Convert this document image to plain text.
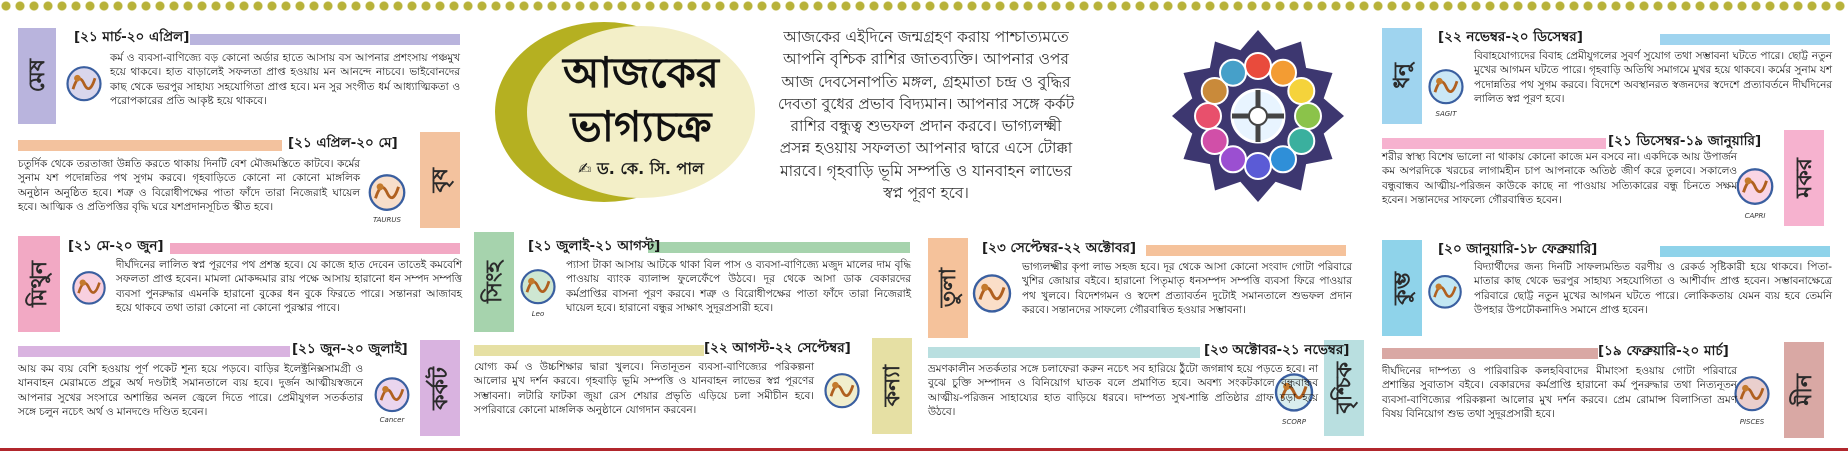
আজকের
ভাগ্যচক্র
✍ ড. কে. সি. পাল

আজকের এইদিনে জন্মগ্রহণ করায় পাশ্চাত্যমতে আপনি বৃশ্চিক রাশির জাতব্যক্তি। আপনার ওপর আজ দেবসেনাপতি মঙ্গল, গ্রহমাতা চন্দ্র ও বুদ্ধির দেবতা বুধের প্রভাব বিদ্যমান। আপনার সঙ্গে কর্কট রাশির বন্ধুত্ব শুভফল প্রদান করবে। ভাগ্যলক্ষ্মী প্রসন্ন হওয়ায় সফলতা আপনার দ্বারে এসে টোক্কা মারবে। গৃহবাড়ি ভূমি সম্পত্তি ও যানবাহন লাভের স্বপ্ন পূরণ হবে।

মেষ
[২১ মার্চ-২০ এপ্রিল]

কর্ম ও ব্যবসা-বাণিজ্যে বড় কোনো অর্ডার হাতে আসায় বস আপনার প্রশংসায় পঞ্চমুখ হয়ে থাকবে। হাত বাড়ালেই সফলতা প্রাপ্ত হওয়ায় মন আনন্দে নাচবে। ভাইবোনদের কাছ থেকে ভরপুর সাহায্য সহযোগিতা প্রাপ্ত হবে। মন সুর সংগীত ধর্ম আধ্যাত্মিকতা ও পরোপকারের প্রতি আকৃষ্ট হয়ে থাকবে।

বৃষ
[২১ এপ্রিল-২০ মে]
TAURUS

চতুর্দিক থেকে তরতাজা উন্নতি করতে থাকায় দিনটি বেশ মৌজমস্তিতে কাটবে। কর্মের সুনাম যশ পদোন্নতির পথ সুগম করবে। গৃহবাড়িতে কোনো না কোনো মাঙ্গলিক অনুষ্ঠান অনুষ্ঠিত হবে। শত্রু ও বিরোধীপক্ষের পাতা ফাঁদে তারা নিজেরাই ঘায়েল হবে। আত্মিক ও প্রতিপত্তির বৃদ্ধি ঘরে যশপ্রদানসূচিত স্কীত হবে।

মিথুন
[২১ মে-২০ জুন]

দীর্ঘদিনের লালিত স্বপ্ন পূরণের পথ প্রশস্ত হবে। যে কাজে হাত দেবেন তাতেই কমবেশি সফলতা প্রাপ্ত হবেন। মামলা মোকদ্দমার রায় পক্ষে আসায় হারানো ধন সম্পদ সম্পত্তি ব্যবসা পুনরুদ্ধার এমনকি হারানো বুকের ধন বুকে ফিরতে পারে। সন্তানরা আজাবহ হয়ে থাকবে তথা তারা কোনো না কোনো পুরস্কার পাবে।

কর্কট
[২১ জুন-২০ জুলাই]
Cancer

আয় কম ব্যয় বেশি হওয়ায় পূর্ণ পকেট শূন্য হয়ে পড়বে। বাড়ির ইলেক্ট্রনিক্সসামগ্রী ও যানবাহন মেরামতে প্রচুর অর্থ দণ্ডটাই সমানতালে ব্যয় হবে। দুর্জন আত্মীয়স্বজনে আপনার সুখের সংসারে অশান্তির অনল জ্বেলে দিতে পারে। প্রেমীযুগল সতর্কতার সঙ্গে চলুন নচেৎ অর্থ ও মানদণ্ডে দণ্ডিত হবেন।

সিংহ
[২১ জুলাই-২১ আগস্ট]
Leo

প্যাসা টাকা আসায় আটকে থাকা বিল পাস ও ব্যবসা-বাণিজ্যে মজুদ মালের দাম বৃদ্ধি পাওয়ায় ব্যাংক ব্যালান্স ফুলেফেঁপে উঠবে। দূর থেকে আসা ডাক বেকারদের কর্মপ্রাপ্তির বাসনা পূরণ করবে। শত্রু ও বিরোধীপক্ষের পাতা ফাঁদে তারা নিজেরাই ঘায়েল হবে। হারানো বন্ধুর সাক্ষাৎ সুদূরপ্রসারী হবে।

কন্যা
[২২ আগস্ট-২২ সেপ্টেম্বর]

যোগ্য কর্ম ও উচ্চশিক্ষার দ্বারা খুলবে। নিতানূতন ব্যবসা-বাণিজ্যের পরিকল্পনা আলোর মুখ দর্শন করবে। গৃহবাড়ি ভূমি সম্পত্তি ও যানবাহন লাভের স্বপ্ন পূরণের সম্ভাবনা। লটারি ফাটকা জুয়া রেস শেয়ার প্রভৃতি এড়িয়ে চলা সমীচীন হবে। সপরিবারে কোনো মাঙ্গলিক অনুষ্ঠানে যোগদান করবেন।

তুলা
[২৩ সেপ্টেম্বর-২২ অক্টোবর]

ভাগ্যলক্ষ্মীর কৃপা লাভ সহজ হবে। দূর থেকে আসা কোনো সংবাদ গোটা পরিবারে খুশির জোয়ার বইবে। হারানো পিতৃমাতৃ ধনসম্পদ সম্পত্তি ব্যবসা ফিরে পাওয়ার পথ খুলবে। বিদেশগমন ও স্বদেশ প্রত্যাবর্তন দুটোই সমানতালে শুভফল প্রদান করবে। সন্তানদের সাফল্যে গৌরবান্বিত হওয়ার সম্ভাবনা।

বৃশ্চিক
[২৩ অক্টোবর-২১ নভেম্বর]
SCORP

ভ্রমণকালীন সতর্কতার সঙ্গে চলাফেরা করুন নচেৎ সব হারিয়ে ঠুঁটো জগন্নাথ হয়ে পড়তে হবে। না বুঝে চুক্তি সম্পাদন ও বিনিয়োগ ঘাতক বলে প্রমাণিত হবে। অবশ্য সংকটকালে বন্ধুবান্ধব আত্মীয়-পরিজন সাহায্যের হাত বাড়িয়ে ধরবে। দাম্পত্য সুখ-শান্তি প্রতিষ্ঠার গ্রাফ চড়া হয়ে উঠবে।

ধনু
[২২ নভেম্বর-২০ ডিসেম্বর]
SAGIT

বিবাহযোগ্যদের বিবাহ প্রেমীযুগলের সুবর্ণ সুযোগ তথা সম্ভাবনা ঘটতে পারে। ছোট্ট নতুন মুখের আগমন ঘটতে পারে। গৃহবাড়ি অতিথি সমাগমে মুখর হয়ে থাকবে। কর্মের সুনাম যশ পদোন্নতির পথ সুগম করবে। বিদেশে অবস্থানরত স্বজনদের স্বদেশে প্রত্যাবর্তনে দীর্ঘদিনের লালিত স্বপ্ন পূরণ হবে।

মকর
[২১ ডিসেম্বর-১৯ জানুয়ারি]
CAPRI

শরীর স্বাস্থ্য বিশেষ ভালো না থাকায় কোনো কাজে মন বসবে না। একদিকে আয় উপার্জন কম অপরদিকে খরচের লাগামহীন চাপ আপনাকে অতিষ্ঠ জীর্ণ করে তুলবে। সকালেও বন্ধুবান্ধব আত্মীয়-পরিজন কাউকে কাছে না পাওয়ায় সত্যিকারের বন্ধু চিনতে সক্ষম হবেন। সন্তানদের সাফল্যে গৌরবান্বিত হবেন।

কুম্ভ
[২০ জানুয়ারি-১৮ ফেব্রুয়ারি]

বিদ্যার্থীদের জন্য দিনটি সাফল্যমন্ডিত বরণীয় ও রেকর্ড সৃষ্টিকারী হয়ে থাকবে। পিতা-মাতার কাছ থেকে ভরপুর সাহায্য সহযোগিতা ও আশীর্বাদ প্রাপ্ত হবেন। সম্ভাবনাক্ষেত্রে পরিবারে ছোট্ট নতুন মুখের আগমন ঘটতে পারে। লোকিকতায় যেমন ব্যয় হবে তেমনি উপহার উপঢৌকনাদিও সমানে প্রাপ্ত হবেন।

মীন
[১৯ ফেব্রুয়ারি-২০ মার্চ]
PISCES

দীর্ঘদিনের দাম্পত্য ও পারিবারিক কলহবিবাদের মীমাংসা হওয়ায় গোটা পরিবারে প্রশান্তির সুবাতাস বইবে। বেকারদের কর্মপ্রাপ্তি হারানো কর্ম পুনরুদ্ধার তথা নিত্যনূতন ব্যবসা-বাণিজ্যের পরিকল্পনা আলোর মুখ দর্শন করবে। প্রেম রোমান্স বিলাসিতা ভ্রমণ বিষয় বিনিয়োগ শুভ তথা সুদূরপ্রসারী হবে।
